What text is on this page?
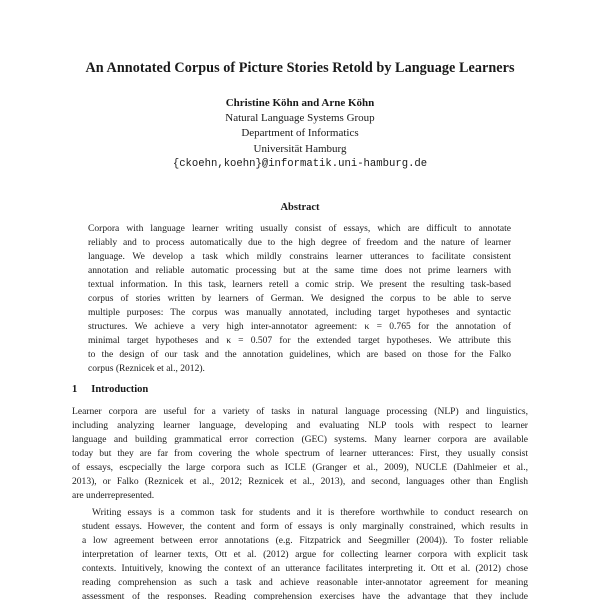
An Annotated Corpus of Picture Stories Retold by Language Learners
Christine Köhn and Arne Köhn
Natural Language Systems Group
Department of Informatics
Universität Hamburg
{ckoehn,koehn}@informatik.uni-hamburg.de
Abstract
Corpora with language learner writing usually consist of essays, which are difficult to annotate
reliably and to process automatically due to the high degree of freedom and the nature of learner
language. We develop a task which mildly constrains learner utterances to facilitate consistent
annotation and reliable automatic processing but at the same time does not prime learners with
textual information. In this task, learners retell a comic strip. We present the resulting task-based
corpus of stories written by learners of German. We designed the corpus to be able to serve
multiple purposes: The corpus was manually annotated, including target hypotheses and syntactic
structures. We achieve a very high inter-annotator agreement: κ = 0.765 for the annotation of
minimal target hypotheses and κ = 0.507 for the extended target hypotheses. We attribute this
to the design of our task and the annotation guidelines, which are based on those for the Falko
corpus (Reznicek et al., 2012).
1 Introduction

Learner corpora are useful for a variety of tasks in natural language processing (NLP) and linguistics,
including analyzing learner language, developing and evaluating NLP tools with respect to learner
language and building grammatical error correction (GEC) systems. Many learner corpora are available
today but they are far from covering the whole spectrum of learner utterances: First, they usually consist
of essays, escpecially the large corpora such as ICLE (Granger et al., 2009), NUCLE (Dahlmeier et al.,
2013), or Falko (Reznicek et al., 2012; Reznicek et al., 2013), and second, languages other than English
are underrepresented.

Writing essays is a common task for students and it is therefore worthwhile to conduct research on
student essays. However, the content and form of essays is only marginally constrained, which results in
a low agreement between error annotations (e.g. Fitzpatrick and Seegmiller (2004)). To foster reliable
interpretation of learner texts, Ott et al. (2012) argue for collecting learner corpora with explicit task
contexts. Intuitively, knowing the context of an utterance facilitates interpreting it. Ott et al. (2012) chose
reading comprehension as such a task and achieve reasonable inter-annotator agreement for meaning
assessment of the responses. Reading comprehension exercises have the advantage that they include
